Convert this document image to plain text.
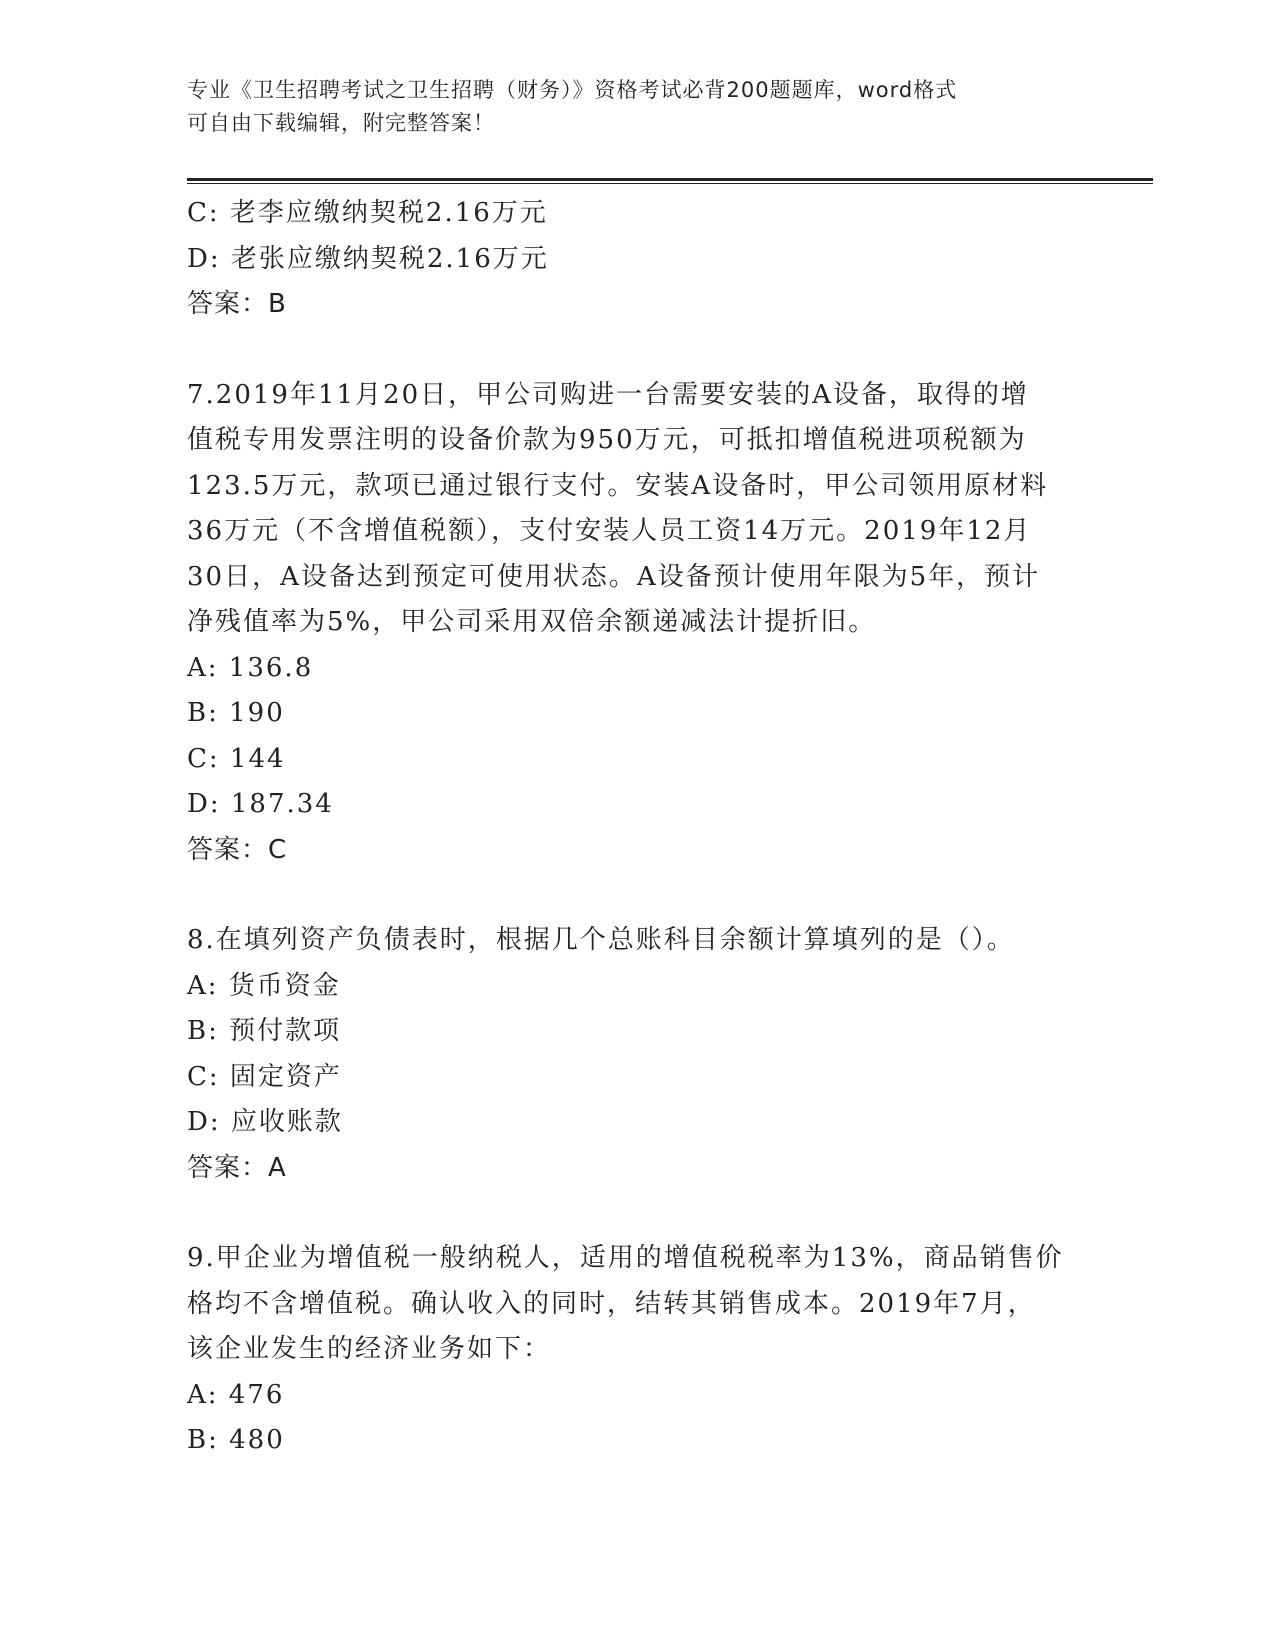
专业《卫生招聘考试之卫生招聘（财务）》资格考试必背200题题库，word格式
可自由下载编辑，附完整答案！
C: 老李应缴纳契税2.16万元
D: 老张应缴纳契税2.16万元
答案：B
7.2019年11月20日，甲公司购进一台需要安装的A设备，取得的增
值税专用发票注明的设备价款为950万元，可抵扣增值税进项税额为
123.5万元，款项已通过银行支付。安装A设备时，甲公司领用原材料
36万元（不含增值税额），支付安装人员工资14万元。2019年12月
30日，A设备达到预定可使用状态。A设备预计使用年限为5年，预计
净残值率为5%，甲公司采用双倍余额递减法计提折旧。
A: 136.8
B: 190
C: 144
D: 187.34
答案：C
8.在填列资产负债表时，根据几个总账科目余额计算填列的是（）。
A: 货币资金
B: 预付款项
C: 固定资产
D: 应收账款
答案：A
9.甲企业为增值税一般纳税人，适用的增值税税率为13%，商品销售价
格均不含增值税。确认收入的同时，结转其销售成本。2019年7月，
该企业发生的经济业务如下：
A: 476
B: 480
